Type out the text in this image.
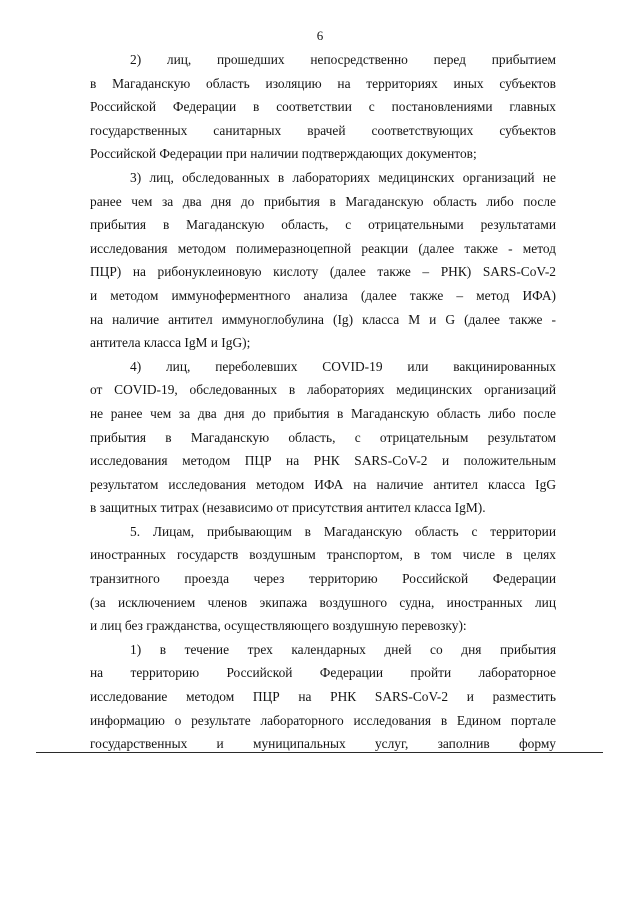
6

2) лиц, прошедших непосредственно перед прибытием
в Магаданскую область изоляцию на территориях иных субъектов
Российской Федерации в соответствии с постановлениями главных
государственных санитарных врачей соответствующих субъектов
Российской Федерации при наличии подтверждающих документов;

3) лиц, обследованных в лабораториях медицинских организаций не
ранее чем за два дня до прибытия в Магаданскую область либо после
прибытия в Магаданскую область, с отрицательными результатами
исследования методом полимеразноцепной реакции (далее также - метод
ПЦР) на рибонуклеиновую кислоту (далее также – РНК) SARS-CoV-2
и методом иммуноферментного анализа (далее также – метод ИФА)
на наличие антител иммуноглобулина (Ig) класса M и G (далее также -
антитела класса IgM и IgG);

4) лиц, переболевших COVID-19 или вакцинированных
от COVID-19, обследованных в лабораториях медицинских организаций
не ранее чем за два дня до прибытия в Магаданскую область либо после
прибытия в Магаданскую область, с отрицательным результатом
исследования методом ПЦР на РНК SARS-CoV-2 и положительным
результатом исследования методом ИФА на наличие антител класса IgG
в защитных титрах (независимо от присутствия антител класса IgM).

5. Лицам, прибывающим в Магаданскую область с территории
иностранных государств воздушным транспортом, в том числе в целях
транзитного проезда через территорию Российской Федерации
(за исключением членов экипажа воздушного судна, иностранных лиц
и лиц без гражданства, осуществляющего воздушную перевозку):

1) в течение трех календарных дней со дня прибытия
на территорию Российской Федерации пройти лабораторное
исследование методом ПЦР на РНК SARS-CoV-2 и разместить
информацию о результате лабораторного исследования в Едином портале
государственных и муниципальных услуг, заполнив форму
